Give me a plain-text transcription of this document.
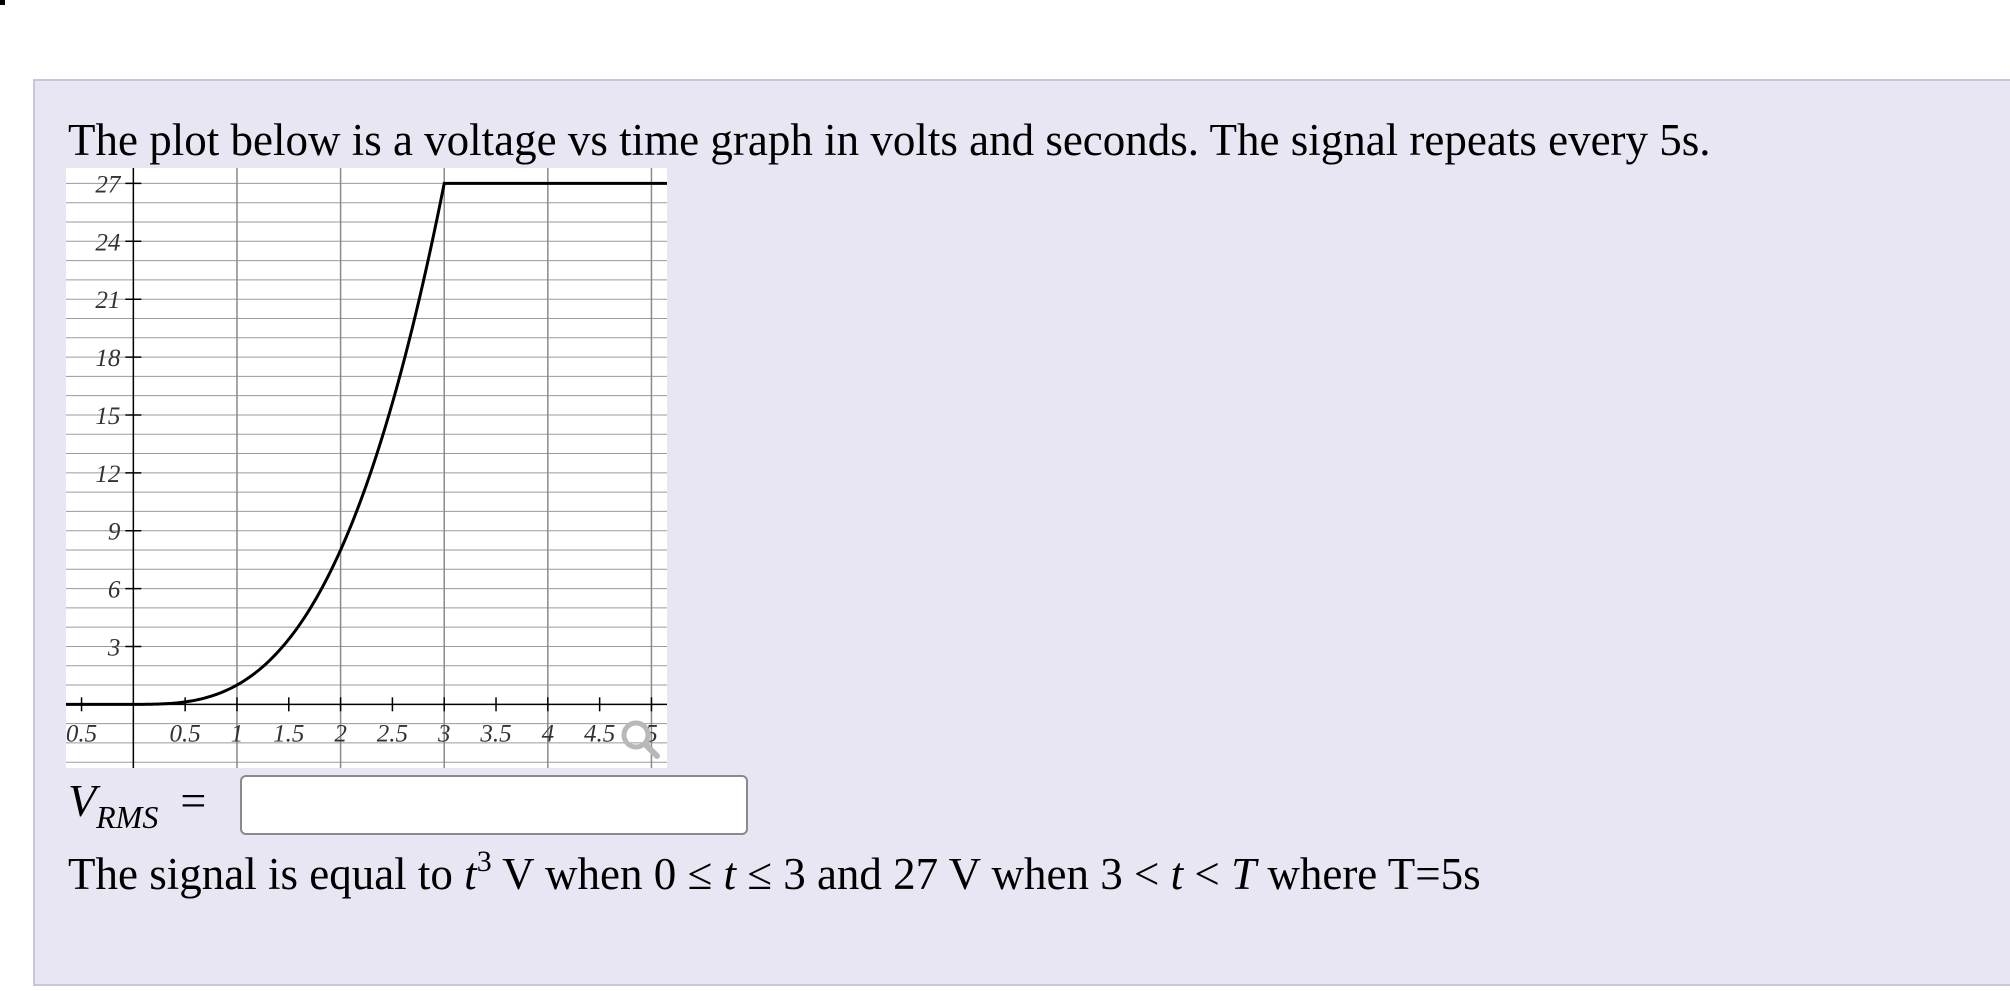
The plot below is a voltage vs time graph in volts and seconds. The signal repeats every 5s.
0.5	0.5 1 1.5 2 2.5 3 3.5 4 4.5 5
3
6
9
12
15
18
21
24
27
$V_{RMS}$ =
The signal is equal to $t^3$ V when 0 ≤ t ≤ 3 and 27 V when 3 < t < T where T=5s
